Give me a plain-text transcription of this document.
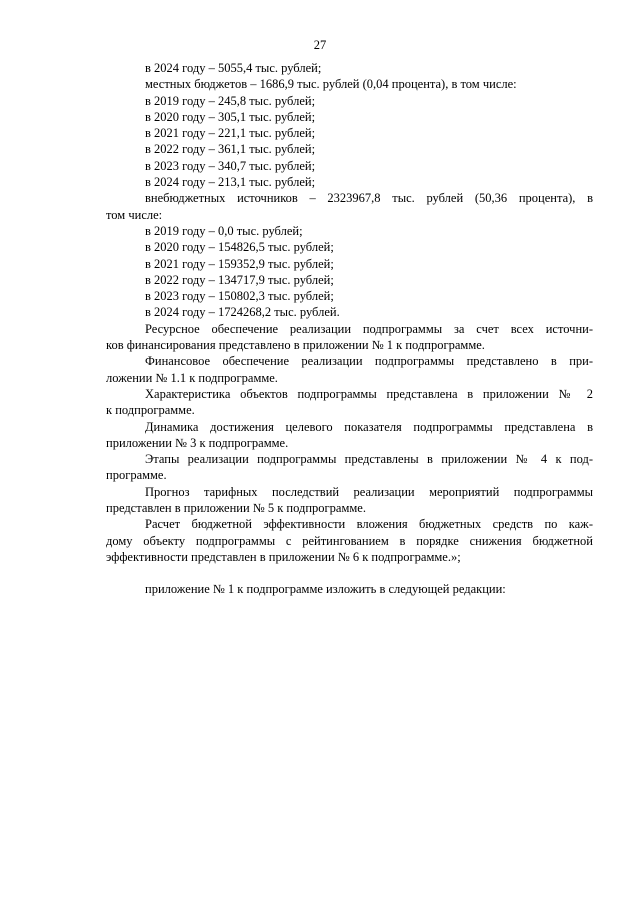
27
в 2024 году – 5055,4 тыс. рублей;
местных бюджетов – 1686,9 тыс. рублей (0,04 процента), в том числе:
в 2019 году – 245,8 тыс. рублей;
в 2020 году – 305,1 тыс. рублей;
в 2021 году – 221,1 тыс. рублей;
в 2022 году – 361,1 тыс. рублей;
в 2023 году – 340,7 тыс. рублей;
в 2024 году – 213,1 тыс. рублей;
внебюджетных источников – 2323967,8 тыс. рублей (50,36 процента), в
том числе:
в 2019 году – 0,0 тыс. рублей;
в 2020 году – 154826,5 тыс. рублей;
в 2021 году – 159352,9 тыс. рублей;
в 2022 году – 134717,9 тыс. рублей;
в 2023 году – 150802,3 тыс. рублей;
в 2024 году – 1724268,2 тыс. рублей.
Ресурсное обеспечение реализации подпрограммы за счет всех источни-
ков финансирования представлено в приложении № 1 к подпрограмме.
Финансовое обеспечение реализации подпрограммы представлено в при-
ложении № 1.1 к подпрограмме.
Характеристика объектов подпрограммы представлена в приложении № 2
к подпрограмме.
Динамика достижения целевого показателя подпрограммы представлена в
приложении № 3 к подпрограмме.
Этапы реализации подпрограммы представлены в приложении № 4 к под-
программе.
Прогноз тарифных последствий реализации мероприятий подпрограммы
представлен в приложении № 5 к подпрограмме.
Расчет бюджетной эффективности вложения бюджетных средств по каж-
дому объекту подпрограммы с рейтингованием в порядке снижения бюджетной
эффективности представлен в приложении № 6 к подпрограмме.»;
приложение № 1 к подпрограмме изложить в следующей редакции:
